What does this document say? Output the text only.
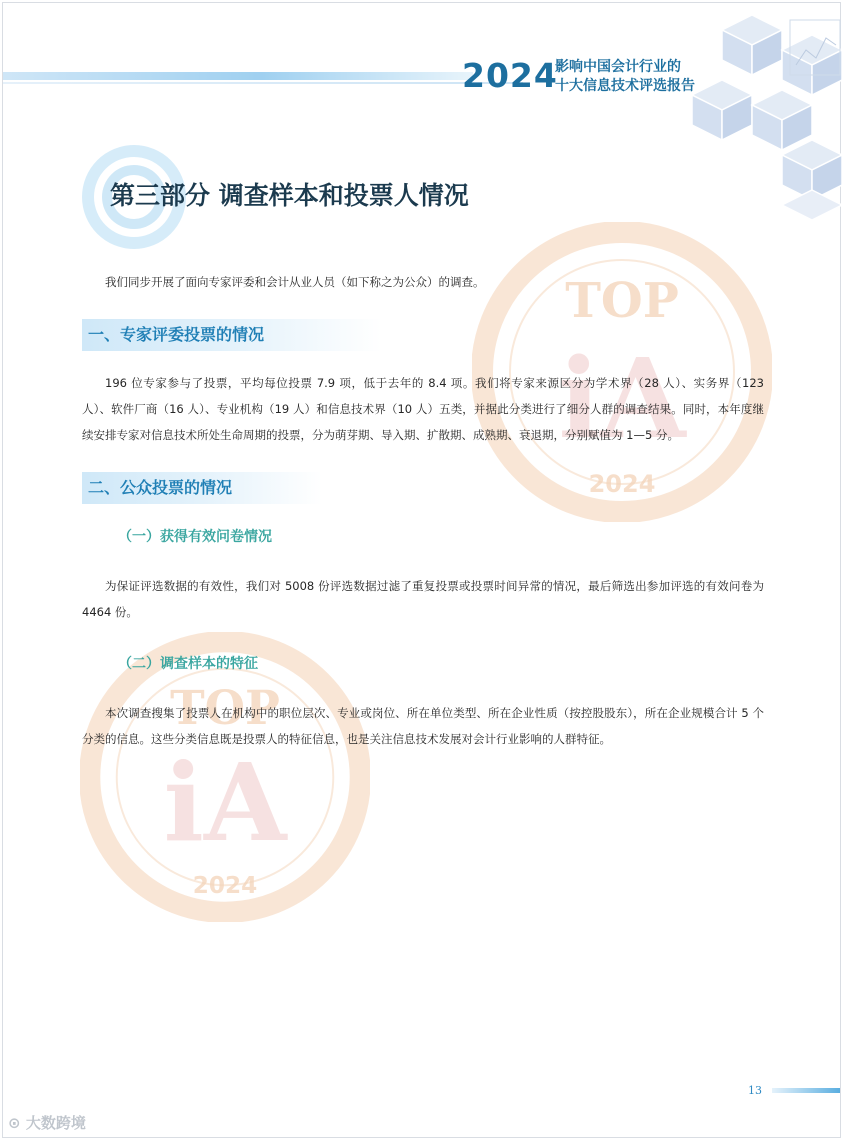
2024
影响中国会计行业的
十大信息技术评选报告
TOP
iA
2024
TOP
iA
2024
第三部分 调查样本和投票人情况
我们同步开展了面向专家评委和会计从业人员（如下称之为公众）的调查。
一、专家评委投票的情况
196 位专家参与了投票，平均每位投票 7.9 项，低于去年的 8.4 项。我们将专家来源区分为学术界（28 人）、实务界（123 人）、软件厂商（16 人）、专业机构（19 人）和信息技术界（10 人）五类，并据此分类进行了细分人群的调查结果。同时，本年度继续安排专家对信息技术所处生命周期的投票，分为萌芽期、导入期、扩散期、成熟期、衰退期，分别赋值为 1—5 分。
二、公众投票的情况
（一）获得有效问卷情况
为保证评选数据的有效性，我们对 5008 份评选数据过滤了重复投票或投票时间异常的情况，最后筛选出参加评选的有效问卷为 4464 份。
（二）调查样本的特征
本次调查搜集了投票人在机构中的职位层次、专业或岗位、所在单位类型、所在企业性质（按控股股东），所在企业规模合计 5 个分类的信息。这些分类信息既是投票人的特征信息，也是关注信息技术发展对会计行业影响的人群特征。
13
⊙ 大数跨境
